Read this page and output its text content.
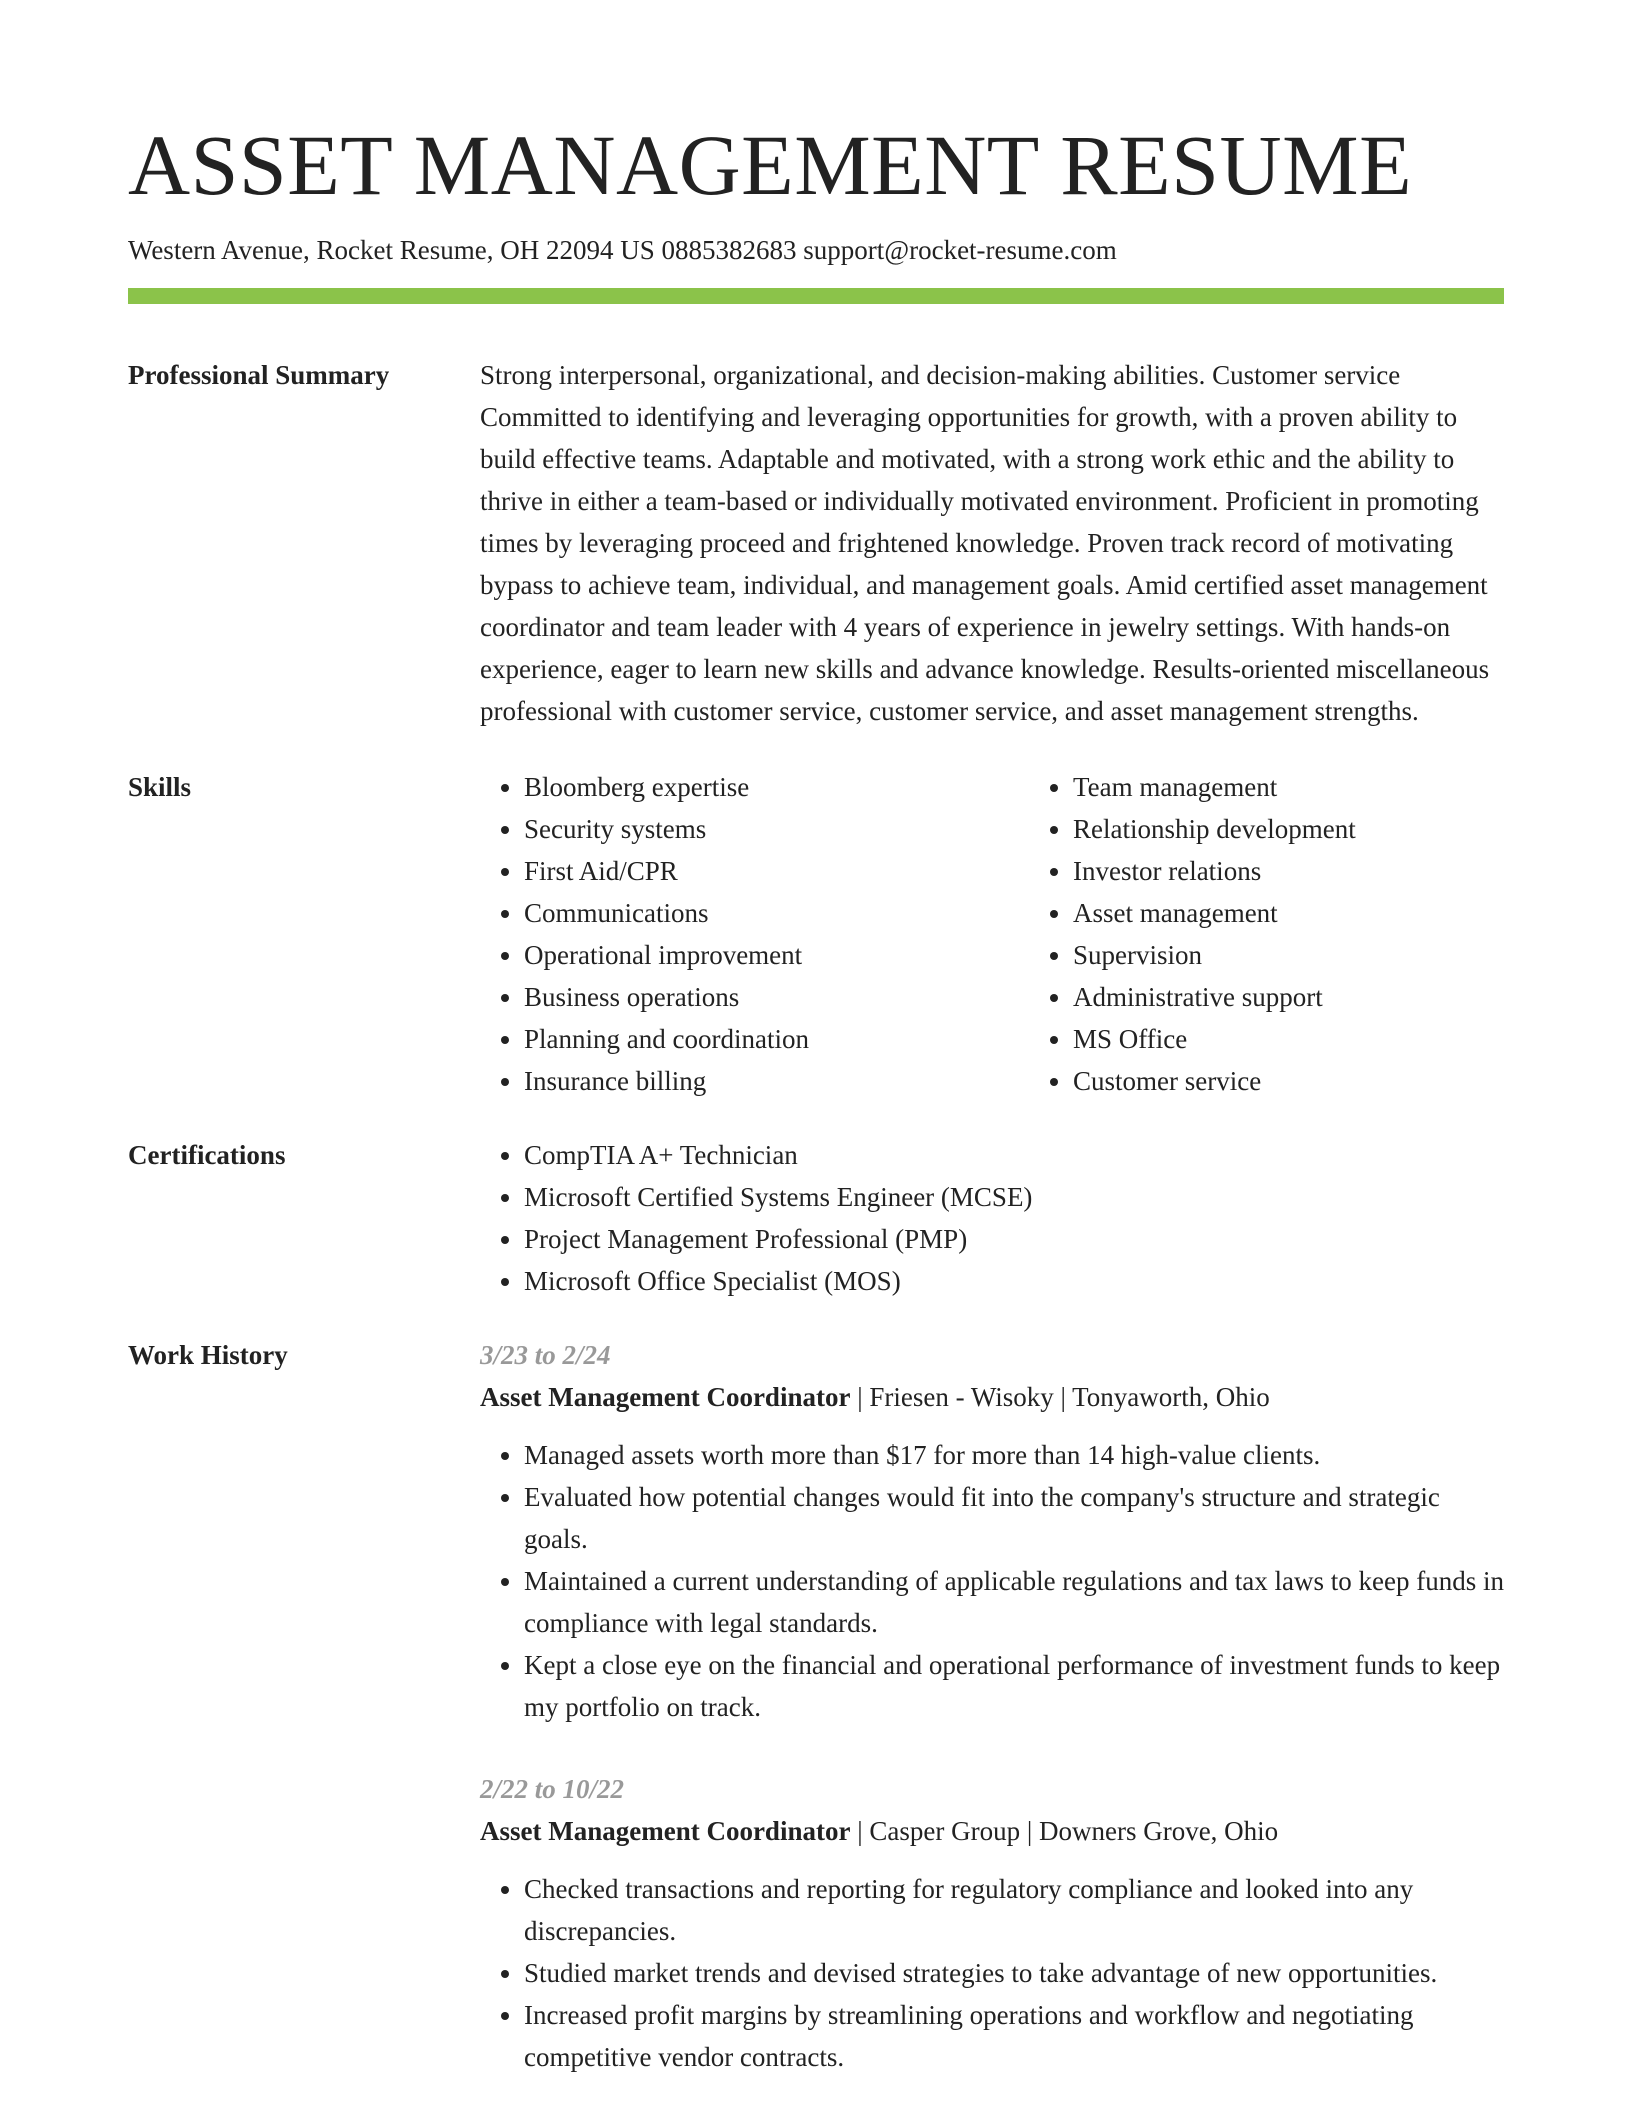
ASSET MANAGEMENT RESUME
Western Avenue, Rocket Resume, OH 22094 US 0885382683 support@rocket-resume.com
Professional Summary	Strong interpersonal, organizational, and decision-making abilities. Customer service Committed to identifying and leveraging opportunities for growth, with a proven ability to build effective teams. Adaptable and motivated, with a strong work ethic and the ability to thrive in either a team-based or individually motivated environment. Proficient in promoting times by leveraging proceed and frightened knowledge. Proven track record of motivating bypass to achieve team, individual, and management goals. Amid certified asset management coordinator and team leader with 4 years of experience in jewelry settings. With hands-on experience, eager to learn new skills and advance knowledge. Results-oriented miscellaneous professional with customer service, customer service, and asset management strengths.
Skills	• Bloomberg expertise
• Security systems
• First Aid/CPR
• Communications
• Operational improvement
• Business operations
• Planning and coordination
• Insurance billing
• Team management
• Relationship development
• Investor relations
• Asset management
• Supervision
• Administrative support
• MS Office
• Customer service
Certifications	• CompTIA A+ Technician
• Microsoft Certified Systems Engineer (MCSE)
• Project Management Professional (PMP)
• Microsoft Office Specialist (MOS)
Work History	3/23 to 2/24
Asset Management Coordinator | Friesen - Wisoky | Tonyaworth, Ohio
• Managed assets worth more than $17 for more than 14 high-value clients.
• Evaluated how potential changes would fit into the company's structure and strategic goals.
• Maintained a current understanding of applicable regulations and tax laws to keep funds in compliance with legal standards.
• Kept a close eye on the financial and operational performance of investment funds to keep my portfolio on track.
2/22 to 10/22
Asset Management Coordinator | Casper Group | Downers Grove, Ohio
• Checked transactions and reporting for regulatory compliance and looked into any discrepancies.
• Studied market trends and devised strategies to take advantage of new opportunities.
• Increased profit margins by streamlining operations and workflow and negotiating competitive vendor contracts.
